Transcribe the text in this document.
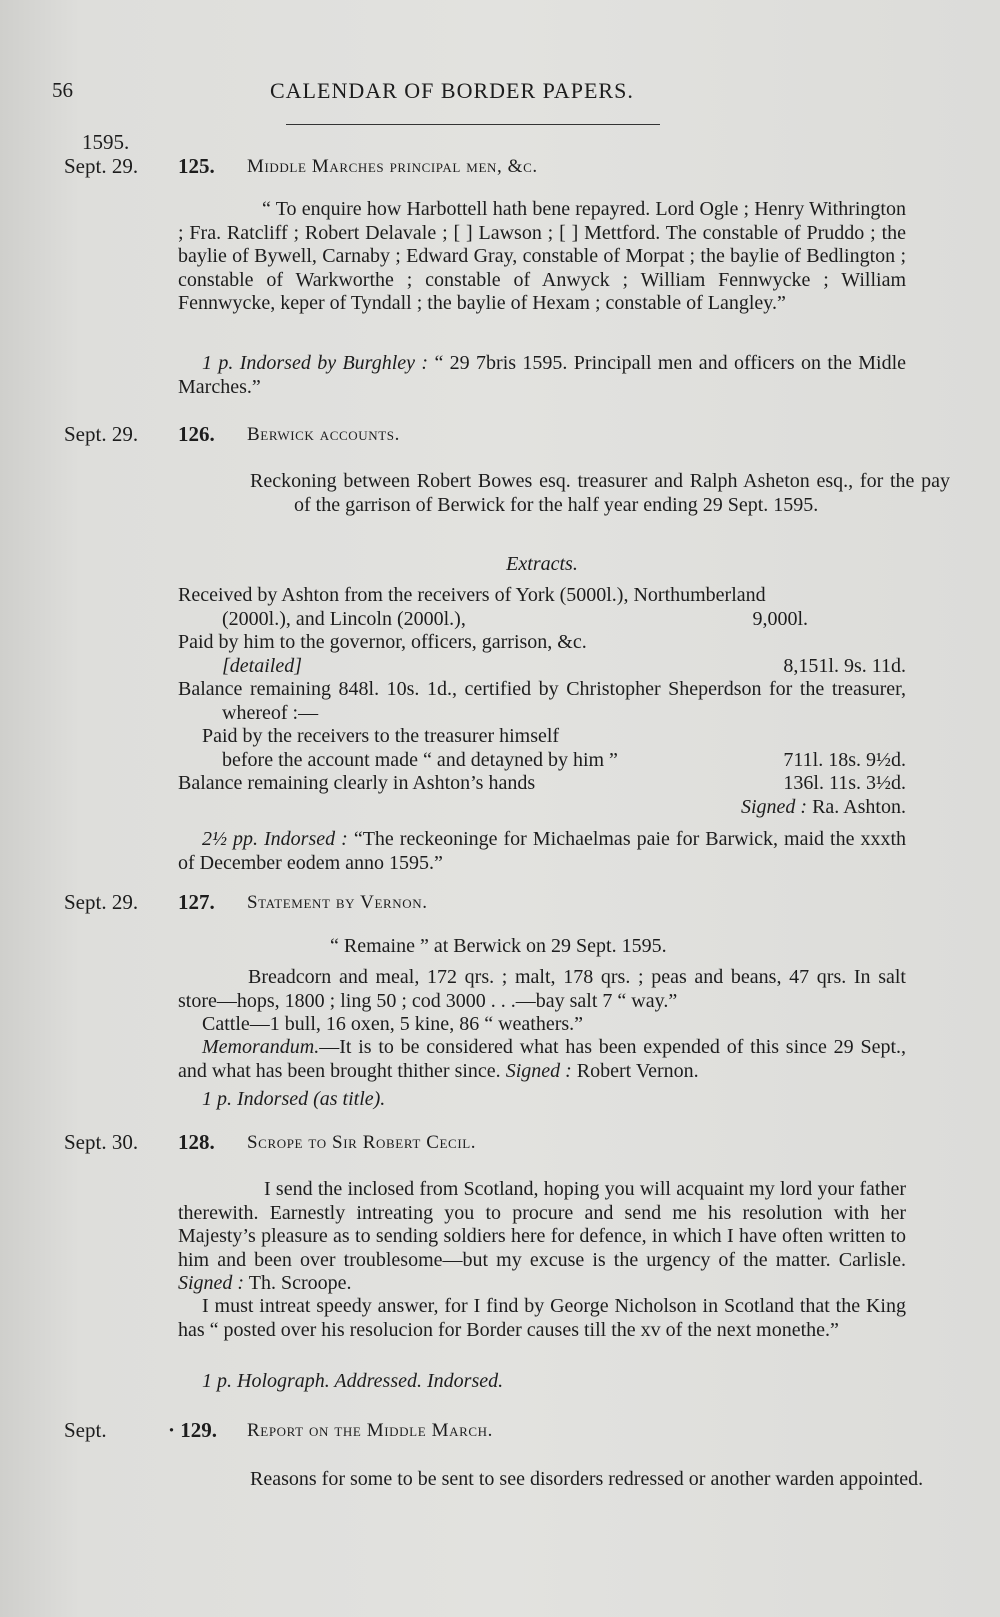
56	CALENDAR OF BORDER PAPERS.
1595.
Sept. 29. 125. Middle Marches principal men, &c.
“ To enquire how Harbottell hath bene repayred. Lord Ogle ; Henry Withrington ; Fra. Ratcliff ; Robert Delavale ; [ ] Lawson ; [ ] Mettford. The constable of Pruddo ; the baylie of Bywell, Carnaby ; Edward Gray, constable of Morpat ; the baylie of Bedlington ; constable of Warkworthe ; constable of Anwyck ; William Fennwycke ; William Fennwycke, keper of Tyndall ; the baylie of Hexam ; constable of Langley.”
1 p. Indorsed by Burghley : “ 29 7bris 1595. Principall men and officers on the Midle Marches.”
Sept. 29. 126. Berwick accounts.
Reckoning between Robert Bowes esq. treasurer and Ralph Asheton esq., for the pay of the garrison of Berwick for the half year ending 29 Sept. 1595.
Extracts.
Received by Ashton from the receivers of York (5000l.), Northumberland
(2000l.), and Lincoln (2000l.),	9,000l.
Paid by him to the governor, officers, garrison, &c.
[detailed]	8,151l. 9s. 11d.
Balance remaining 848l. 10s. 1d., certified by Christopher Sheperdson for the treasurer, whereof :—
Paid by the receivers to the treasurer himself
before the account made “ and detayned by him ”	711l. 18s. 9½d.
Balance remaining clearly in Ashton’s hands	136l. 11s. 3½d.
Signed : Ra. Ashton.
2½ pp. Indorsed : “The reckeoninge for Michaelmas paie for Barwick, maid the xxxth of December eodem anno 1595.”
Sept. 29. 127. Statement by Vernon.
“ Remaine ” at Berwick on 29 Sept. 1595.
Breadcorn and meal, 172 qrs. ; malt, 178 qrs. ; peas and beans, 47 qrs. In salt store—hops, 1800 ; ling 50 ; cod 3000 . . .—bay salt 7 “ way.”
Cattle—1 bull, 16 oxen, 5 kine, 86 “ weathers.”
Memorandum.—It is to be considered what has been expended of this since 29 Sept., and what has been brought thither since. Signed : Robert Vernon.
1 p. Indorsed (as title).
Sept. 30. 128. Scrope to Sir Robert Cecil.
I send the inclosed from Scotland, hoping you will acquaint my lord your father therewith. Earnestly intreating you to procure and send me his resolution with her Majesty’s pleasure as to sending soldiers here for defence, in which I have often written to him and been over troublesome—but my excuse is the urgency of the matter. Carlisle. Signed : Th. Scroope.
I must intreat speedy answer, for I find by George Nicholson in Scotland that the King has “ posted over his resolucion for Border causes till the xv of the next monethe.”
1 p. Holograph. Addressed. Indorsed.
Sept.	· 129. Report on the Middle March.
Reasons for some to be sent to see disorders redressed or another warden appointed.
